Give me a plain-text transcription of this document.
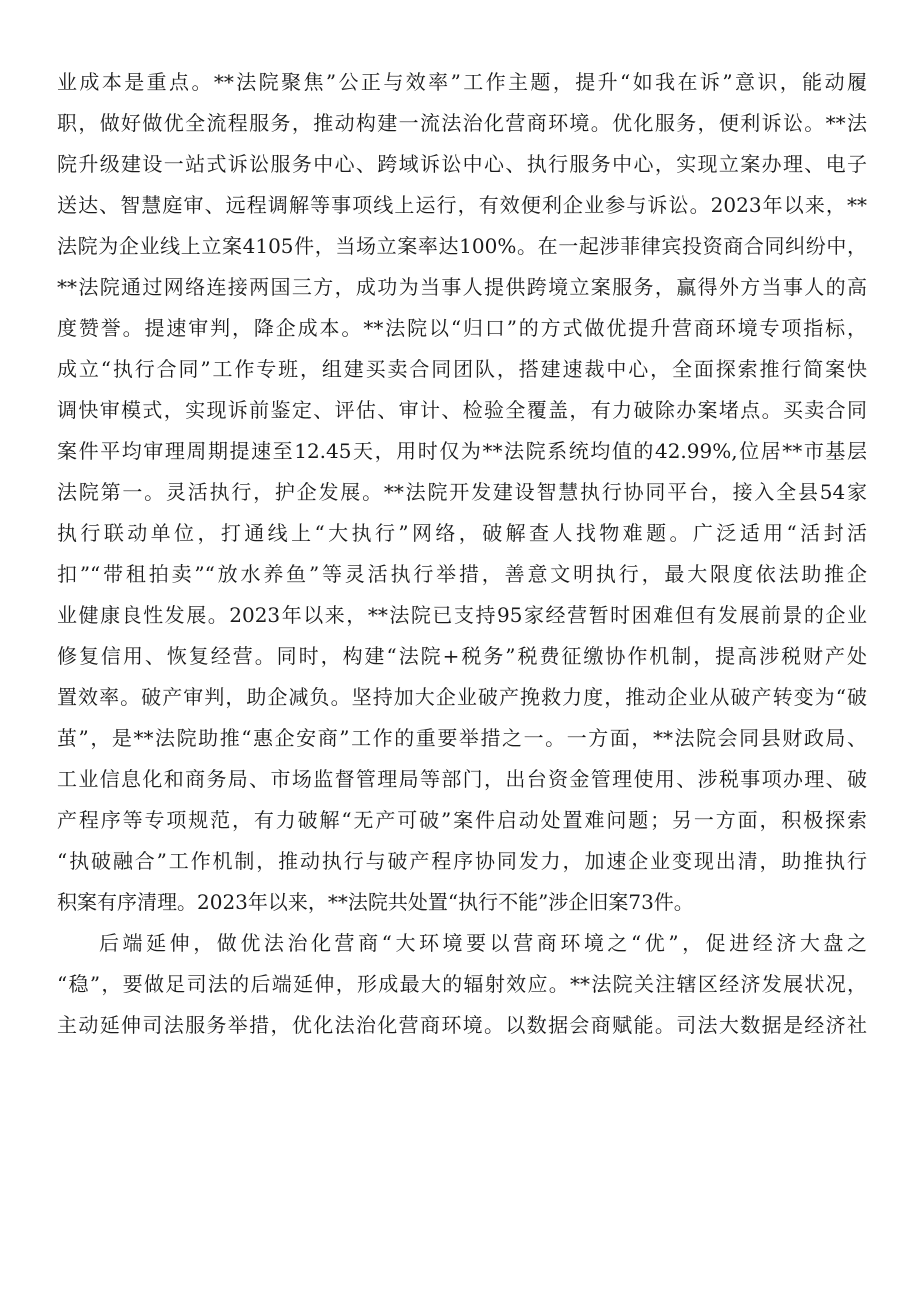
业成本是重点。**法院聚焦”公正与效率”工作主题，提升“如我在诉”意识，能动履
职，做好做优全流程服务，推动构建一流法治化营商环境。优化服务，便利诉讼。**法
院升级建设一站式诉讼服务中心、跨域诉讼中心、执行服务中心，实现立案办理、电子
送达、智慧庭审、远程调解等事项线上运行，有效便利企业参与诉讼。2023年以来，**
法院为企业线上立案4105件，当场立案率达100%。在一起涉菲律宾投资商合同纠纷中，
**法院通过网络连接两国三方，成功为当事人提供跨境立案服务，赢得外方当事人的高
度赞誉。提速审判，降企成本。**法院以“归口”的方式做优提升营商环境专项指标，
成立“执行合同”工作专班，组建买卖合同团队，搭建速裁中心，全面探索推行简案快
调快审模式，实现诉前鉴定、评估、审计、检验全覆盖，有力破除办案堵点。买卖合同
案件平均审理周期提速至12.45天，用时仅为**法院系统均值的42.99%,位居**市基层
法院第一。灵活执行，护企发展。**法院开发建设智慧执行协同平台，接入全县54家
执行联动单位，打通线上“大执行”网络，破解查人找物难题。广泛适用“活封活
扣”“带租拍卖”“放水养鱼”等灵活执行举措，善意文明执行，最大限度依法助推企
业健康良性发展。2023年以来，**法院已支持95家经营暂时困难但有发展前景的企业
修复信用、恢复经营。同时，构建“法院+税务”税费征缴协作机制，提高涉税财产处
置效率。破产审判，助企减负。坚持加大企业破产挽救力度，推动企业从破产转变为“破
茧”，是**法院助推“惠企安商”工作的重要举措之一。一方面，**法院会同县财政局、
工业信息化和商务局、市场监督管理局等部门，出台资金管理使用、涉税事项办理、破
产程序等专项规范，有力破解“无产可破”案件启动处置难问题；另一方面，积极探索
“执破融合”工作机制，推动执行与破产程序协同发力，加速企业变现出清，助推执行
积案有序清理。2023年以来，**法院共处置“执行不能”涉企旧案73件。
后端延伸，做优法治化营商“大环境要以营商环境之“优”，促进经济大盘之
“稳”，要做足司法的后端延伸，形成最大的辐射效应。**法院关注辖区经济发展状况，
主动延伸司法服务举措，优化法治化营商环境。以数据会商赋能。司法大数据是经济社
